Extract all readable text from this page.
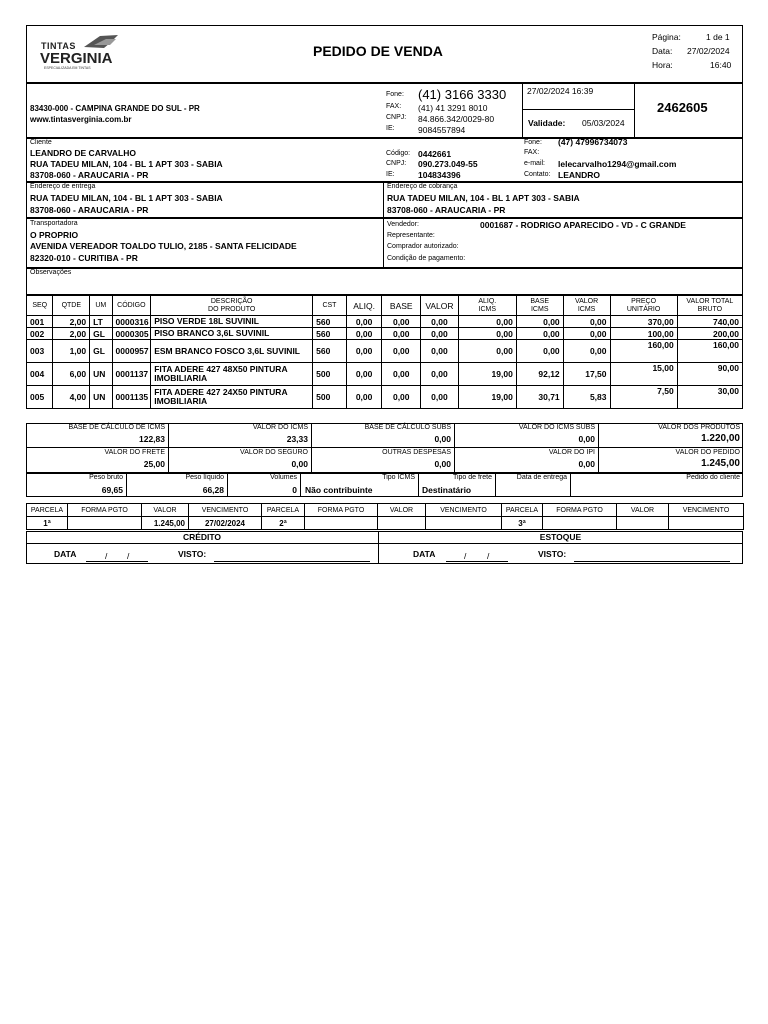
TINTAS
VERGINIA
ESPECIALIZADA EM TINTAS
PEDIDO DE VENDA
Página:	1 de 1
Data: 27/02/2024
Hora:	16:40
83430-000 - CAMPINA GRANDE DO SUL - PR
www.tintasverginia.com.br
Fone: (41) 3166 3330
FAX: (41) 41 3291 8010
CNPJ: 84.866.342/0029-80
IE:	9084557894
27/02/2024 16:39
Validade: 05/03/2024
2462605
Cliente
LEANDRO DE CARVALHO
RUA TADEU MILAN, 104 - BL 1 APT 303 - SABIA
83708-060 - ARAUCARIA - PR
Código: 0442661
CNPJ: 090.273.049-55
IE:	104834396
Fone: (47) 47996734073
FAX:
e-mail: lelecarvalho1294@gmail.com
Contato: LEANDRO
Endereço de entrega
RUA TADEU MILAN, 104 - BL 1 APT 303 - SABIA
83708-060 - ARAUCARIA - PR
Endereço de cobrança
RUA TADEU MILAN, 104 - BL 1 APT 303 - SABIA
83708-060 - ARAUCARIA - PR
Transportadora
O PROPRIO
AVENIDA VEREADOR TOALDO TULIO, 2185 - SANTA FELICIDADE
82320-010 - CURITIBA - PR
Vendedor:	0001687 - RODRIGO APARECIDO - VD - C GRANDE
Representante:
Comprador autorizado:
Condição de pagamento:
Observações
SEQ	QTDE	UM	CÓDIGO	DESCRIÇÃO
DO PRODUTO	CST	ALIQ.	BASE	VALOR	ALIQ.
ICMS	BASE
ICMS	VALOR
ICMS	PREÇO
UNITÁRIO	VALOR TOTAL
BRUTO
001	2,00	LT	0000316	PISO VERDE 18L SUVINIL	560	0,00	0,00	0,00	0,00	0,00	0,00	370,00	740,00
002	2,00	GL	0000305	PISO BRANCO 3,6L SUVINIL	560	0,00	0,00	0,00	0,00	0,00	0,00	100,00	200,00
003	1,00	GL	0000957	ESM BRANCO FOSCO 3,6L SUVINIL	560	0,00	0,00	0,00	0,00	0,00	0,00	160,00	160,00
004	6,00	UN	0001137	FITA ADERE 427 48X50 PINTURA IMOBILIARIA	500	0,00	0,00	0,00	19,00	92,12	17,50	15,00	90,00
005	4,00	UN	0001135	FITA ADERE 427 24X50 PINTURA IMOBILIARIA	500	0,00	0,00	0,00	19,00	30,71	5,83	7,50	30,00
BASE DE CÁLCULO DE ICMS
122,83
VALOR DO ICMS
23,33
BASE DE CÁLCULO SUBS
0,00
VALOR DO ICMS SUBS
0,00
VALOR DOS PRODUTOS
1.220,00
VALOR DO FRETE
25,00
VALOR DO SEGURO
0,00
OUTRAS DESPESAS
0,00
VALOR DO IPI
0,00
VALOR DO PEDIDO
1.245,00
Peso bruto
69,65
Peso líquido
66,28
Volumes
0
Tipo ICMS
Não contribuinte
Tipo de frete
Destinatário
Data de entrega	Pedido do cliente
PARCELA	FORMA PGTO	VALOR	VENCIMENTO	PARCELA	FORMA PGTO	VALOR	VENCIMENTO	PARCELA	FORMA PGTO	VALOR	VENCIMENTO
1ª		1.245,00	27/02/2024	2ª				3ª			
CRÉDITO	ESTOQUE
DATA	/ /	VISTO:	DATA	/ /	VISTO:
